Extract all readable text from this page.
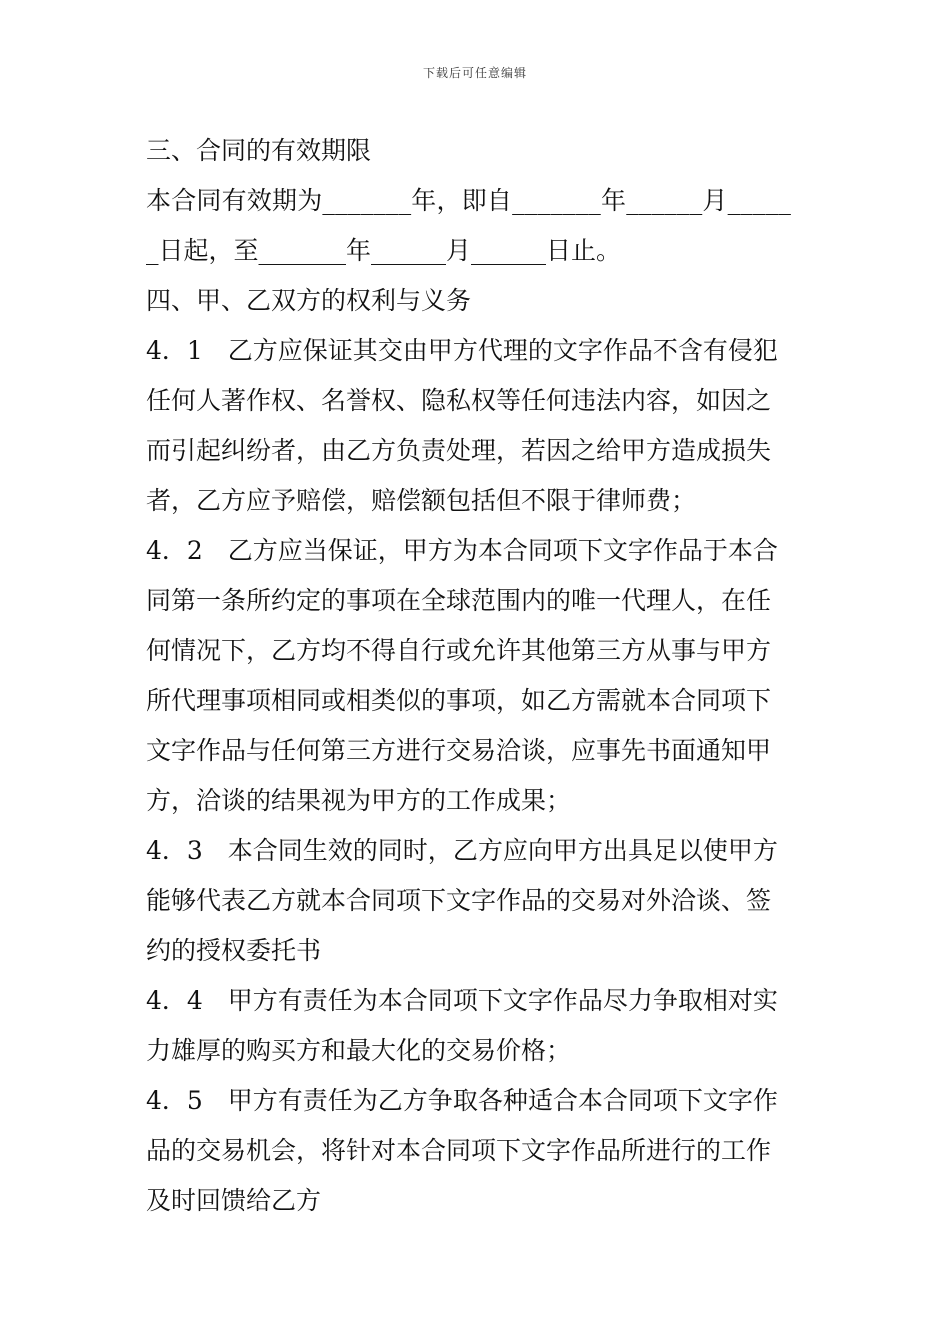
下载后可任意编辑
三、合同的有效期限
本合同有效期为_______年，即自_______年______月_____
_日起，至_______年______月______日止。
四、甲、乙双方的权利与义务
4．1　乙方应保证其交由甲方代理的文字作品不含有侵犯
任何人著作权、名誉权、隐私权等任何违法内容，如因之
而引起纠纷者，由乙方负责处理，若因之给甲方造成损失
者，乙方应予赔偿，赔偿额包括但不限于律师费；
4．2　乙方应当保证，甲方为本合同项下文字作品于本合
同第一条所约定的事项在全球范围内的唯一代理人，在任
何情况下，乙方均不得自行或允许其他第三方从事与甲方
所代理事项相同或相类似的事项，如乙方需就本合同项下
文字作品与任何第三方进行交易洽谈，应事先书面通知甲
方，洽谈的结果视为甲方的工作成果；
4．3　本合同生效的同时，乙方应向甲方出具足以使甲方
能够代表乙方就本合同项下文字作品的交易对外洽谈、签
约的授权委托书
4．4　甲方有责任为本合同项下文字作品尽力争取相对实
力雄厚的购买方和最大化的交易价格；
4．5　甲方有责任为乙方争取各种适合本合同项下文字作
品的交易机会，将针对本合同项下文字作品所进行的工作
及时回馈给乙方
